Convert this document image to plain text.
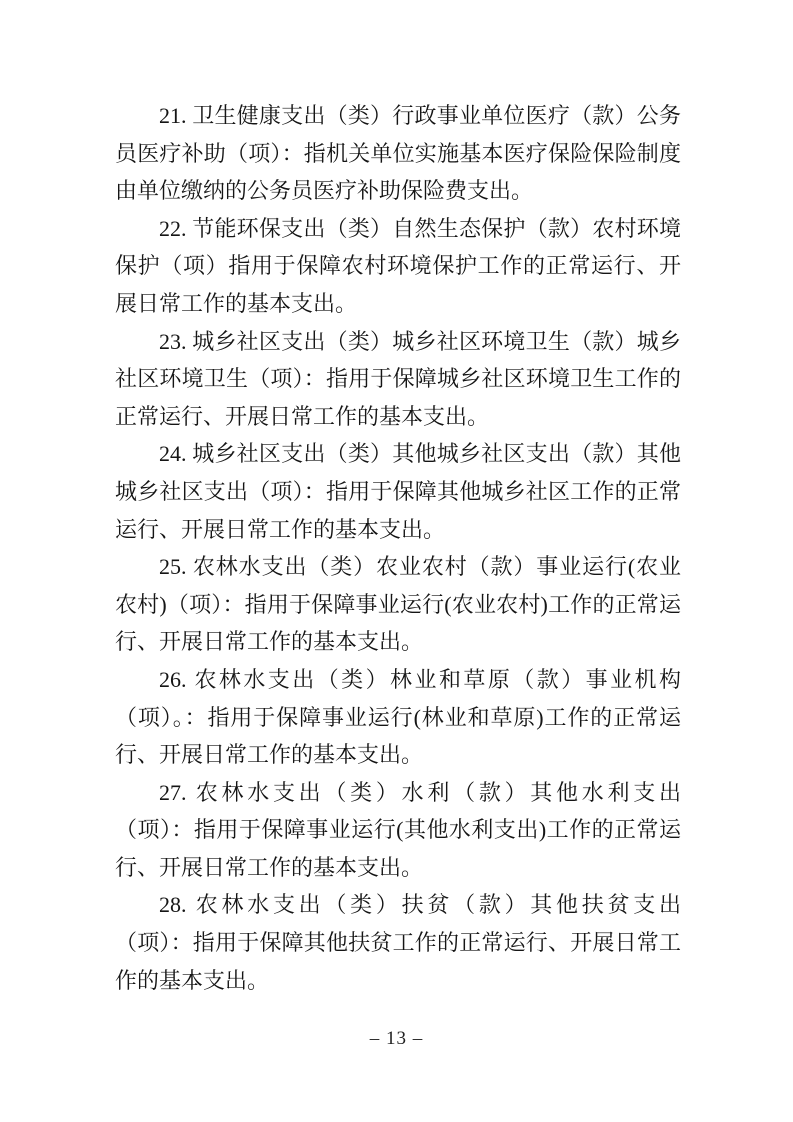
21. 卫生健康支出（类）行政事业单位医疗（款）公务员医疗补助（项）：指机关单位实施基本医疗保险保险制度由单位缴纳的公务员医疗补助保险费支出。

22. 节能环保支出（类）自然生态保护（款）农村环境保护（项）指用于保障农村环境保护工作的正常运行、开展日常工作的基本支出。

23. 城乡社区支出（类）城乡社区环境卫生（款）城乡社区环境卫生（项）：指用于保障城乡社区环境卫生工作的正常运行、开展日常工作的基本支出。

24. 城乡社区支出（类）其他城乡社区支出（款）其他城乡社区支出（项）：指用于保障其他城乡社区工作的正常运行、开展日常工作的基本支出。

25. 农林水支出（类）农业农村（款）事业运行(农业农村)（项）：指用于保障事业运行(农业农村)工作的正常运行、开展日常工作的基本支出。

26. 农林水支出（类）林业和草原（款）事业机构（项）。：指用于保障事业运行(林业和草原)工作的正常运行、开展日常工作的基本支出。

27. 农林水支出（类）水利（款）其他水利支出（项）：指用于保障事业运行(其他水利支出)工作的正常运行、开展日常工作的基本支出。

28. 农林水支出（类）扶贫（款）其他扶贫支出（项）：指用于保障其他扶贫工作的正常运行、开展日常工作的基本支出。

– 13 –
